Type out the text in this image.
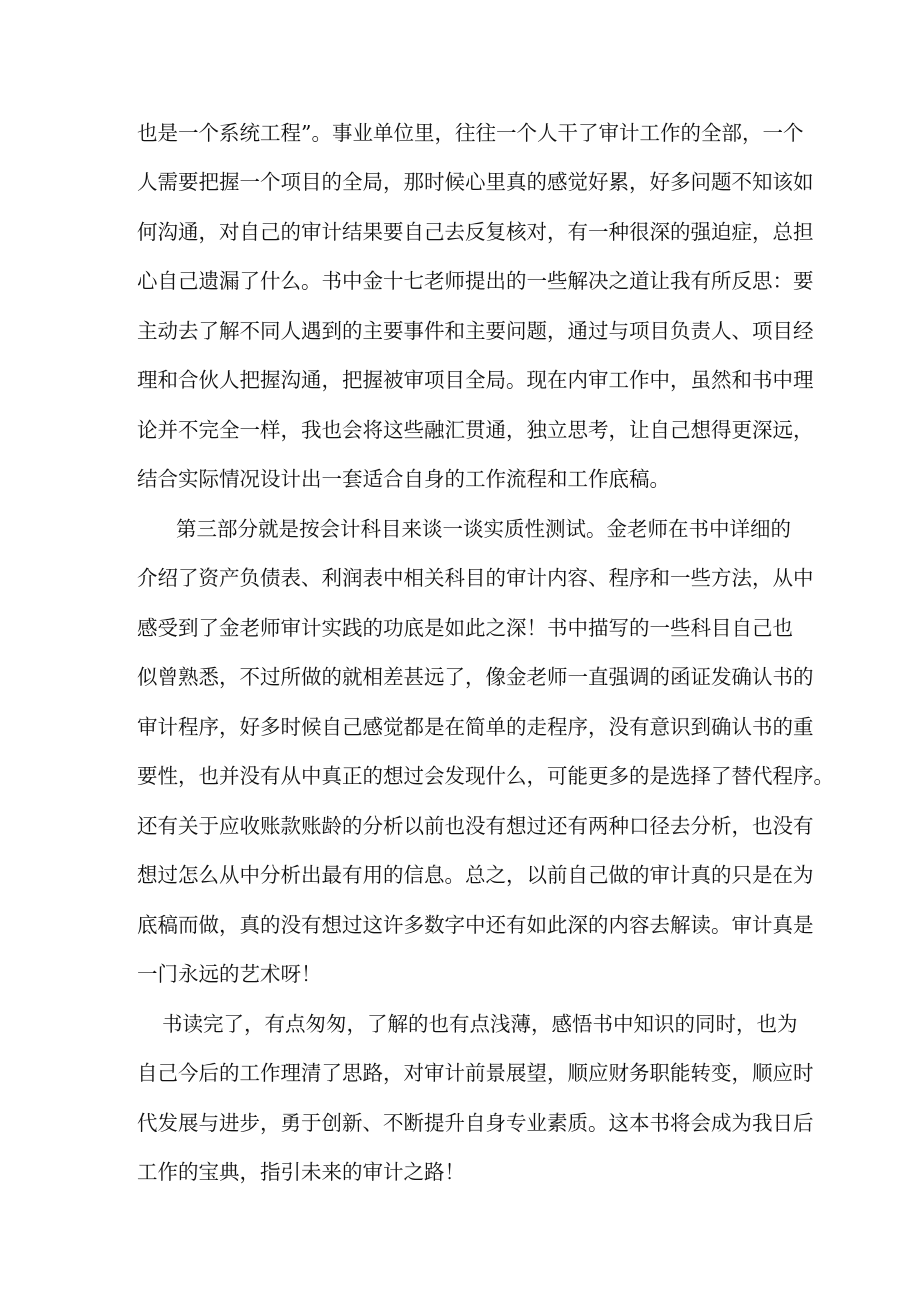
也是一个系统工程”。事业单位里，往往一个人干了审计工作的全部，一个
人需要把握一个项目的全局，那时候心里真的感觉好累，好多问题不知该如
何沟通，对自己的审计结果要自己去反复核对，有一种很深的强迫症，总担
心自己遗漏了什么。书中金十七老师提出的一些解决之道让我有所反思：要
主动去了解不同人遇到的主要事件和主要问题，通过与项目负责人、项目经
理和合伙人把握沟通，把握被审项目全局。现在内审工作中，虽然和书中理
论并不完全一样，我也会将这些融汇贯通，独立思考，让自己想得更深远，
结合实际情况设计出一套适合自身的工作流程和工作底稿。
第三部分就是按会计科目来谈一谈实质性测试。金老师在书中详细的
介绍了资产负债表、利润表中相关科目的审计内容、程序和一些方法，从中
感受到了金老师审计实践的功底是如此之深！书中描写的一些科目自己也
似曾熟悉，不过所做的就相差甚远了，像金老师一直强调的函证发确认书的
审计程序，好多时候自己感觉都是在简单的走程序，没有意识到确认书的重
要性，也并没有从中真正的想过会发现什么，可能更多的是选择了替代程序。
还有关于应收账款账龄的分析以前也没有想过还有两种口径去分析，也没有
想过怎么从中分析出最有用的信息。总之，以前自己做的审计真的只是在为
底稿而做，真的没有想过这许多数字中还有如此深的内容去解读。审计真是
一门永远的艺术呀！
书读完了，有点匆匆，了解的也有点浅薄，感悟书中知识的同时，也为
自己今后的工作理清了思路，对审计前景展望，顺应财务职能转变，顺应时
代发展与进步，勇于创新、不断提升自身专业素质。这本书将会成为我日后
工作的宝典，指引未来的审计之路！
